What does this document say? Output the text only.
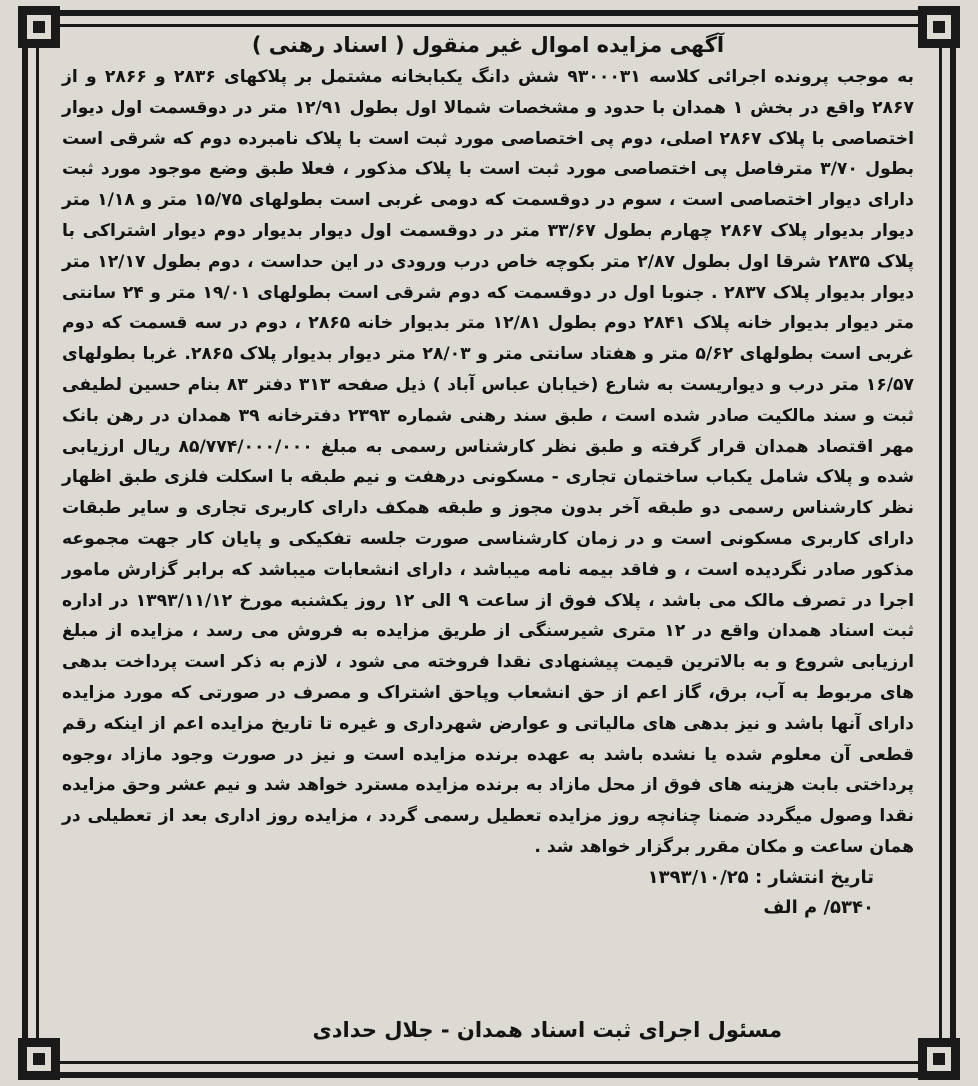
آگهی مزایده اموال غیر منقول ( اسناد رهنی )

به موجب پرونده اجرائی کلاسه ۹۳۰۰۰۳۱ شش دانگ یکبابخانه مشتمل بر پلاکهای ۲۸۳۶ و ۲۸۶۶ و از ۲۸۶۷ واقع در بخش ۱ همدان با حدود و مشخصات شمالا اول بطول ۱۲/۹۱ متر در دوقسمت اول دیوار اختصاصی با پلاک ۲۸۶۷ اصلی، دوم پی اختصاصی مورد ثبت است با پلاک نامبرده دوم که شرقی است بطول ۳/۷۰ مترفاصل پی اختصاصی مورد ثبت است با پلاک مذکور ، فعلا طبق وضع موجود مورد ثبت دارای دیوار اختصاصی است ، سوم در دوقسمت که دومی غربی است بطولهای ۱۵/۷۵ متر و ۱/۱۸ متر دیوار بدیوار پلاک ۲۸۶۷ چهارم بطول ۳۳/۶۷ متر در دوقسمت اول دیوار بدیوار دوم دیوار اشتراکی با پلاک ۲۸۳۵ شرقا اول بطول ۲/۸۷ متر بکوچه خاص درب ورودی در این حداست ، دوم بطول ۱۲/۱۷ متر دیوار بدیوار پلاک ۲۸۳۷ . جنوبا اول در دوقسمت که دوم شرقی است بطولهای ۱۹/۰۱ متر و ۲۴ سانتی متر دیوار بدیوار خانه پلاک ۲۸۴۱ دوم بطول ۱۲/۸۱ متر بدیوار خانه ۲۸۶۵ ، دوم در سه قسمت که دوم غربی است بطولهای ۵/۶۲ متر و هفتاد سانتی متر و ۲۸/۰۳ متر دیوار بدیوار پلاک ۲۸۶۵. غربا بطولهای ۱۶/۵۷ متر درب و دیواریست به شارع (خیابان عباس آباد ) ذیل صفحه ۳۱۳ دفتر ۸۳ بنام حسین لطیفی ثبت و سند مالکیت صادر شده است ، طبق سند رهنی شماره ۲۳۹۳ دفترخانه ۳۹ همدان در رهن بانک مهر اقتصاد همدان قرار گرفته و طبق نظر کارشناس رسمی به مبلغ ۸۵/۷۷۴/۰۰۰/۰۰۰ ریال ارزیابی شده و پلاک شامل یکباب ساختمان تجاری - مسکونی درهفت و نیم طبقه با اسکلت فلزی طبق اظهار نظر کارشناس رسمی دو طبقه آخر بدون مجوز و طبقه همکف دارای کاربری تجاری و سایر طبقات دارای کاربری مسکونی است و در زمان کارشناسی صورت جلسه تفکیکی و پایان کار جهت مجموعه مذکور صادر نگردیده است ، و فاقد بیمه نامه میباشد ، دارای انشعابات میباشد که برابر گزارش مامور اجرا در تصرف مالک می باشد ، پلاک فوق از ساعت ۹ الی ۱۲ روز یکشنبه مورخ ۱۳۹۳/۱۱/۱۲ در اداره ثبت اسناد همدان واقع در ۱۲ متری شیرسنگی از طریق مزایده به فروش می رسد ، مزایده از مبلغ ارزیابی شروع و به بالاترین قیمت پیشنهادی نقدا فروخته می شود ، لازم به ذکر است پرداخت بدهی های مربوط به آب، برق، گاز اعم از حق انشعاب وپاحق اشتراک و مصرف در صورتی که مورد مزایده دارای آنها باشد و نیز بدهی های مالیاتی و عوارض شهرداری و غیره تا تاریخ مزایده اعم از اینکه رقم قطعی آن معلوم شده یا نشده باشد به عهده برنده مزایده است و نیز در صورت وجود مازاد ،وجوه پرداختی بابت هزینه های فوق از محل مازاد به برنده مزایده مسترد خواهد شد و نیم عشر وحق مزایده نقدا وصول میگردد ضمنا چنانچه روز مزایده تعطیل رسمی گردد ، مزایده روز اداری بعد از تعطیلی در همان ساعت و مکان مقرر برگزار خواهد شد .

تاریخ انتشار : ۱۳۹۳/۱۰/۲۵

۵۳۴۰/ م الف

مسئول اجرای ثبت اسناد همدان - جلال حدادی
